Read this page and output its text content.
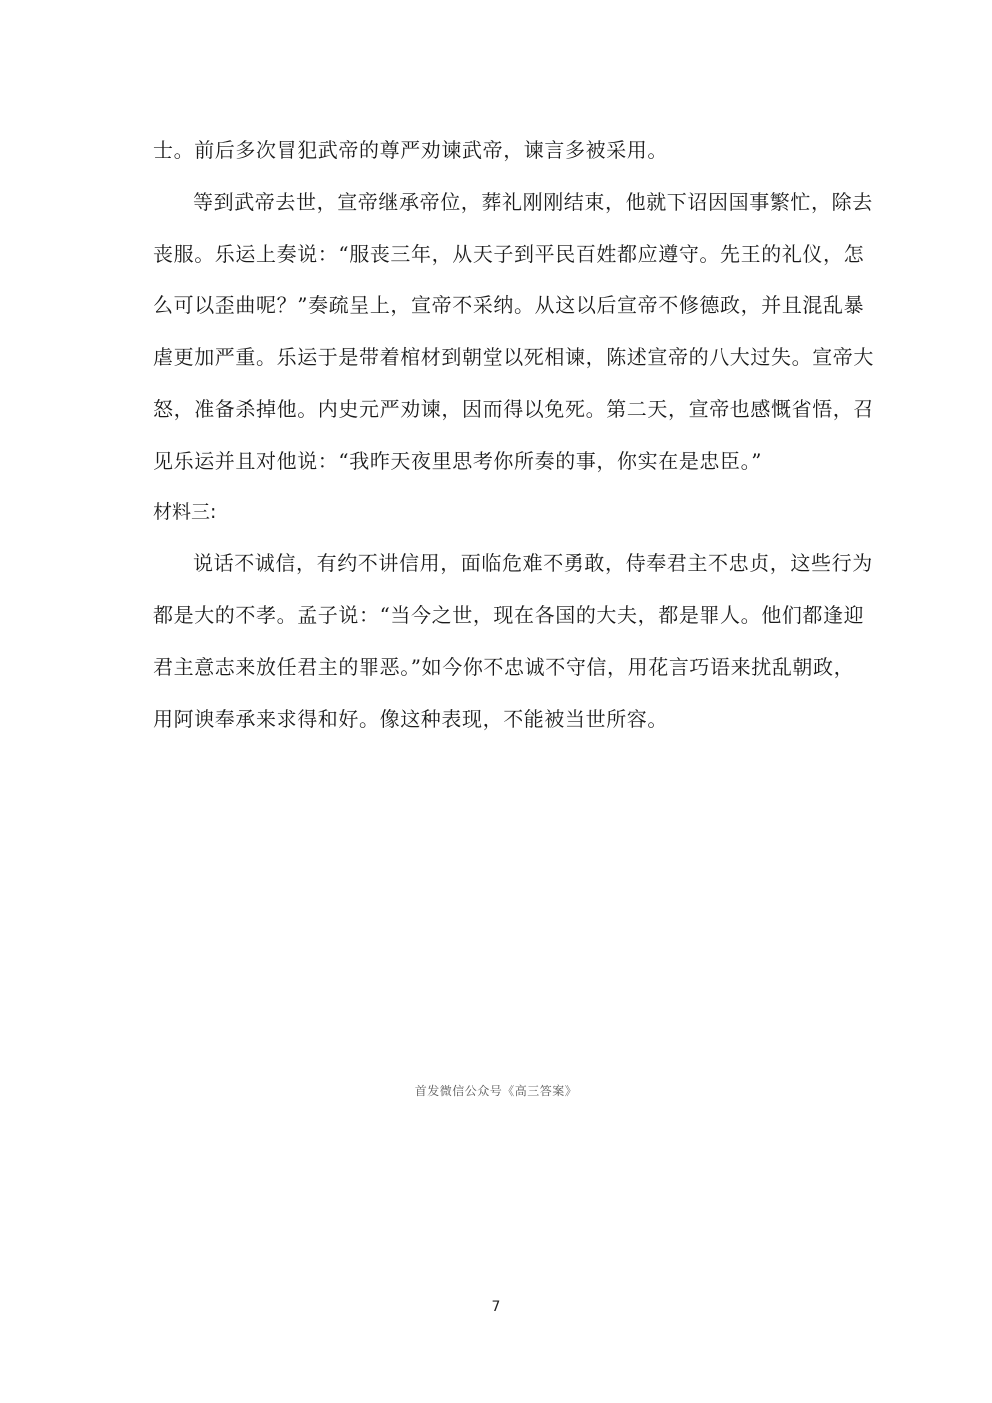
士。前后多次冒犯武帝的尊严劝谏武帝，谏言多被采用。
等到武帝去世，宣帝继承帝位，葬礼刚刚结束，他就下诏因国事繁忙，除去
丧服。乐运上奏说：“服丧三年，从天子到平民百姓都应遵守。先王的礼仪，怎
么可以歪曲呢？”奏疏呈上，宣帝不采纳。从这以后宣帝不修德政，并且混乱暴
虐更加严重。乐运于是带着棺材到朝堂以死相谏，陈述宣帝的八大过失。宣帝大
怒，准备杀掉他。内史元严劝谏，因而得以免死。第二天，宣帝也感慨省悟，召
见乐运并且对他说：“我昨天夜里思考你所奏的事，你实在是忠臣。”
材料三:
说话不诚信，有约不讲信用，面临危难不勇敢，侍奉君主不忠贞，这些行为
都是大的不孝。孟子说：“当今之世，现在各国的大夫，都是罪人。他们都逢迎
君主意志来放任君主的罪恶。”如今你不忠诚不守信，用花言巧语来扰乱朝政，
用阿谀奉承来求得和好。像这种表现，不能被当世所容。
首发微信公众号《高三答案》
7
